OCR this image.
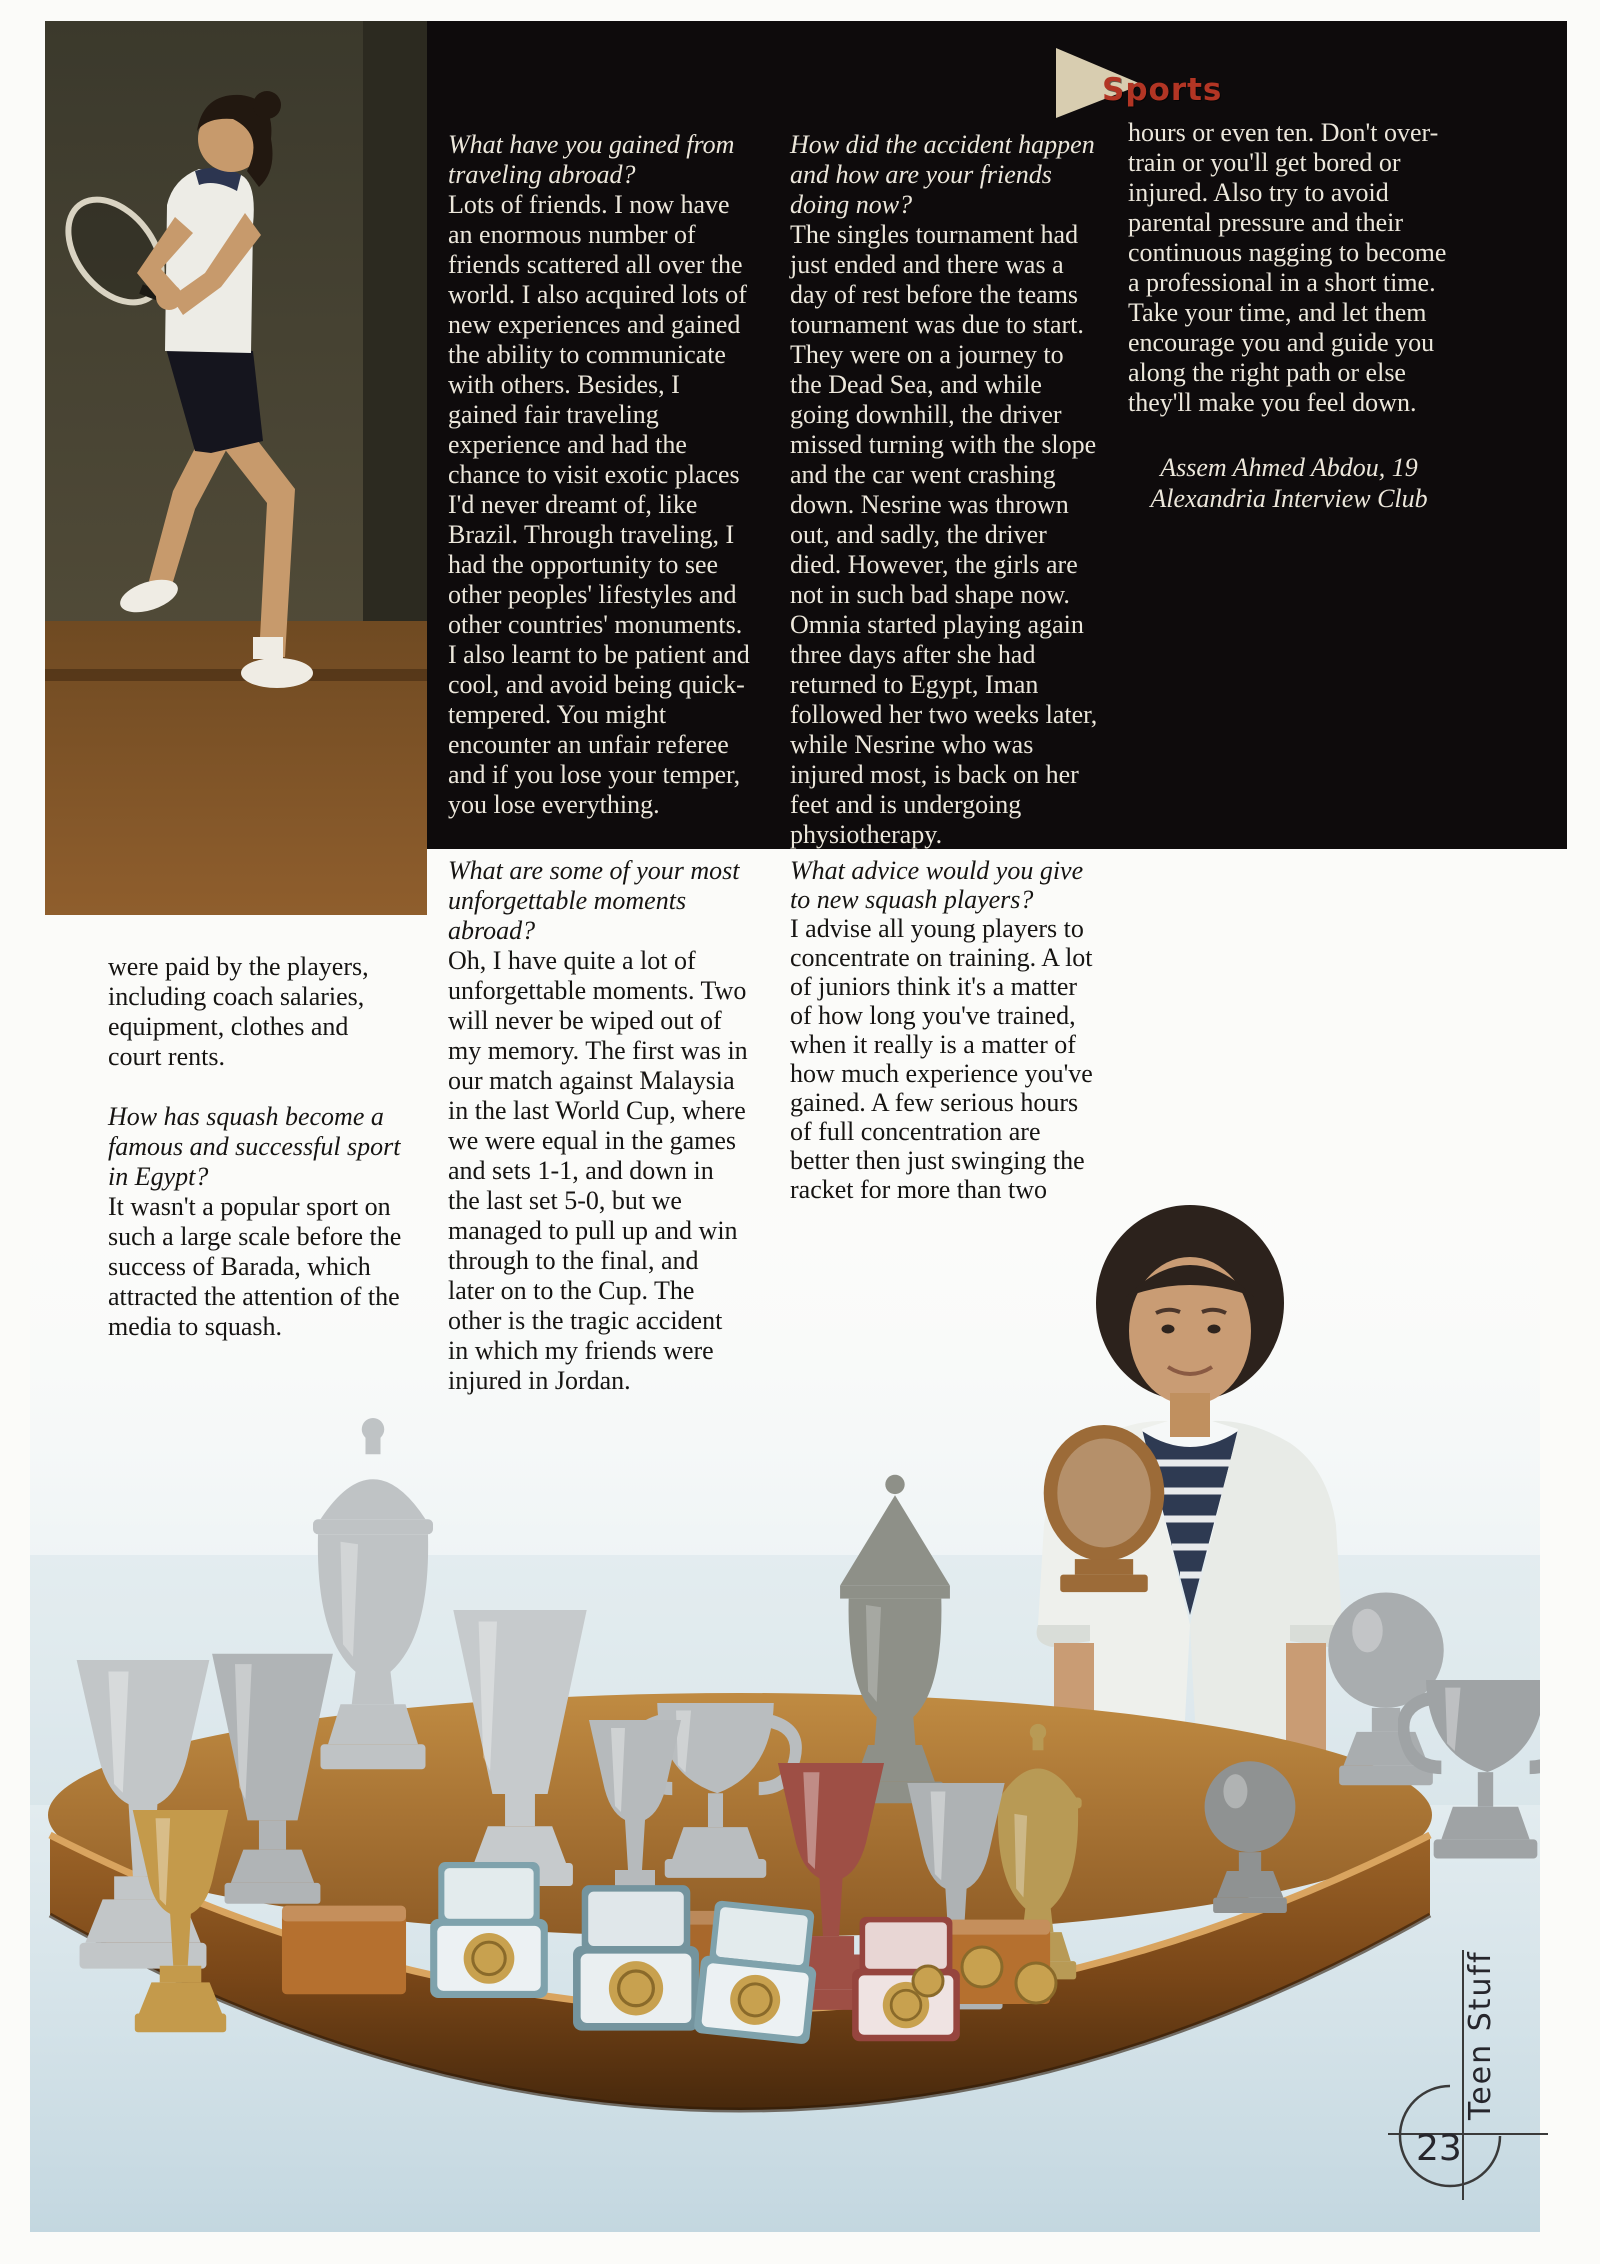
What have you gained from traveling abroad?
Lots of friends. I now have an enormous number of friends scattered all over the world. I also acquired lots of new experiences and gained the ability to communicate with others. Besides, I gained fair traveling experience and had the chance to visit exotic places I'd never dreamt of, like Brazil. Through traveling, I had the opportunity to see other peoples' lifestyles and other countries' monuments. I also learnt to be patient and cool, and avoid being quick-tempered. You might encounter an unfair referee and if you lose your temper, you lose everything.
How did the accident happen and how are your friends doing now?
The singles tournament had just ended and there was a day of rest before the teams tournament was due to start. They were on a journey to the Dead Sea, and while going downhill, the driver missed turning with the slope and the car went crashing down. Nesrine was thrown out, and sadly, the driver died. However, the girls are not in such bad shape now. Omnia started playing again three days after she had returned to Egypt, Iman followed her two weeks later, while Nesrine who was injured most, is back on her feet and is undergoing physiotherapy.
hours or even ten. Don't over-train or you'll get bored or injured. Also try to avoid parental pressure and their continuous nagging to become a professional in a short time. Take your time, and let them encourage you and guide you along the right path or else they'll make you feel down.
Assem Ahmed Abdou, 19
Alexandria Interview Club
Sports
were paid by the players, including coach salaries, equipment, clothes and court rents.
How has squash become a famous and successful sport in Egypt?
It wasn't a popular sport on such a large scale before the success of Barada, which attracted the attention of the media to squash.
What are some of your most unforgettable moments abroad?
Oh, I have quite a lot of unforgettable moments. Two will never be wiped out of my memory. The first was in our match against Malaysia in the last World Cup, where we were equal in the games and sets 1-1, and down in the last set 5-0, but we managed to pull up and win through to the final, and later on to the Cup. The other is the tragic accident in which my friends were injured in Jordan.
What advice would you give to new squash players?
I advise all young players to concentrate on training. A lot of juniors think it's a matter of how long you've trained, when it really is a matter of how much experience you've gained. A few serious hours of full concentration are better then just swinging the racket for more than two
23
Teen Stuff
